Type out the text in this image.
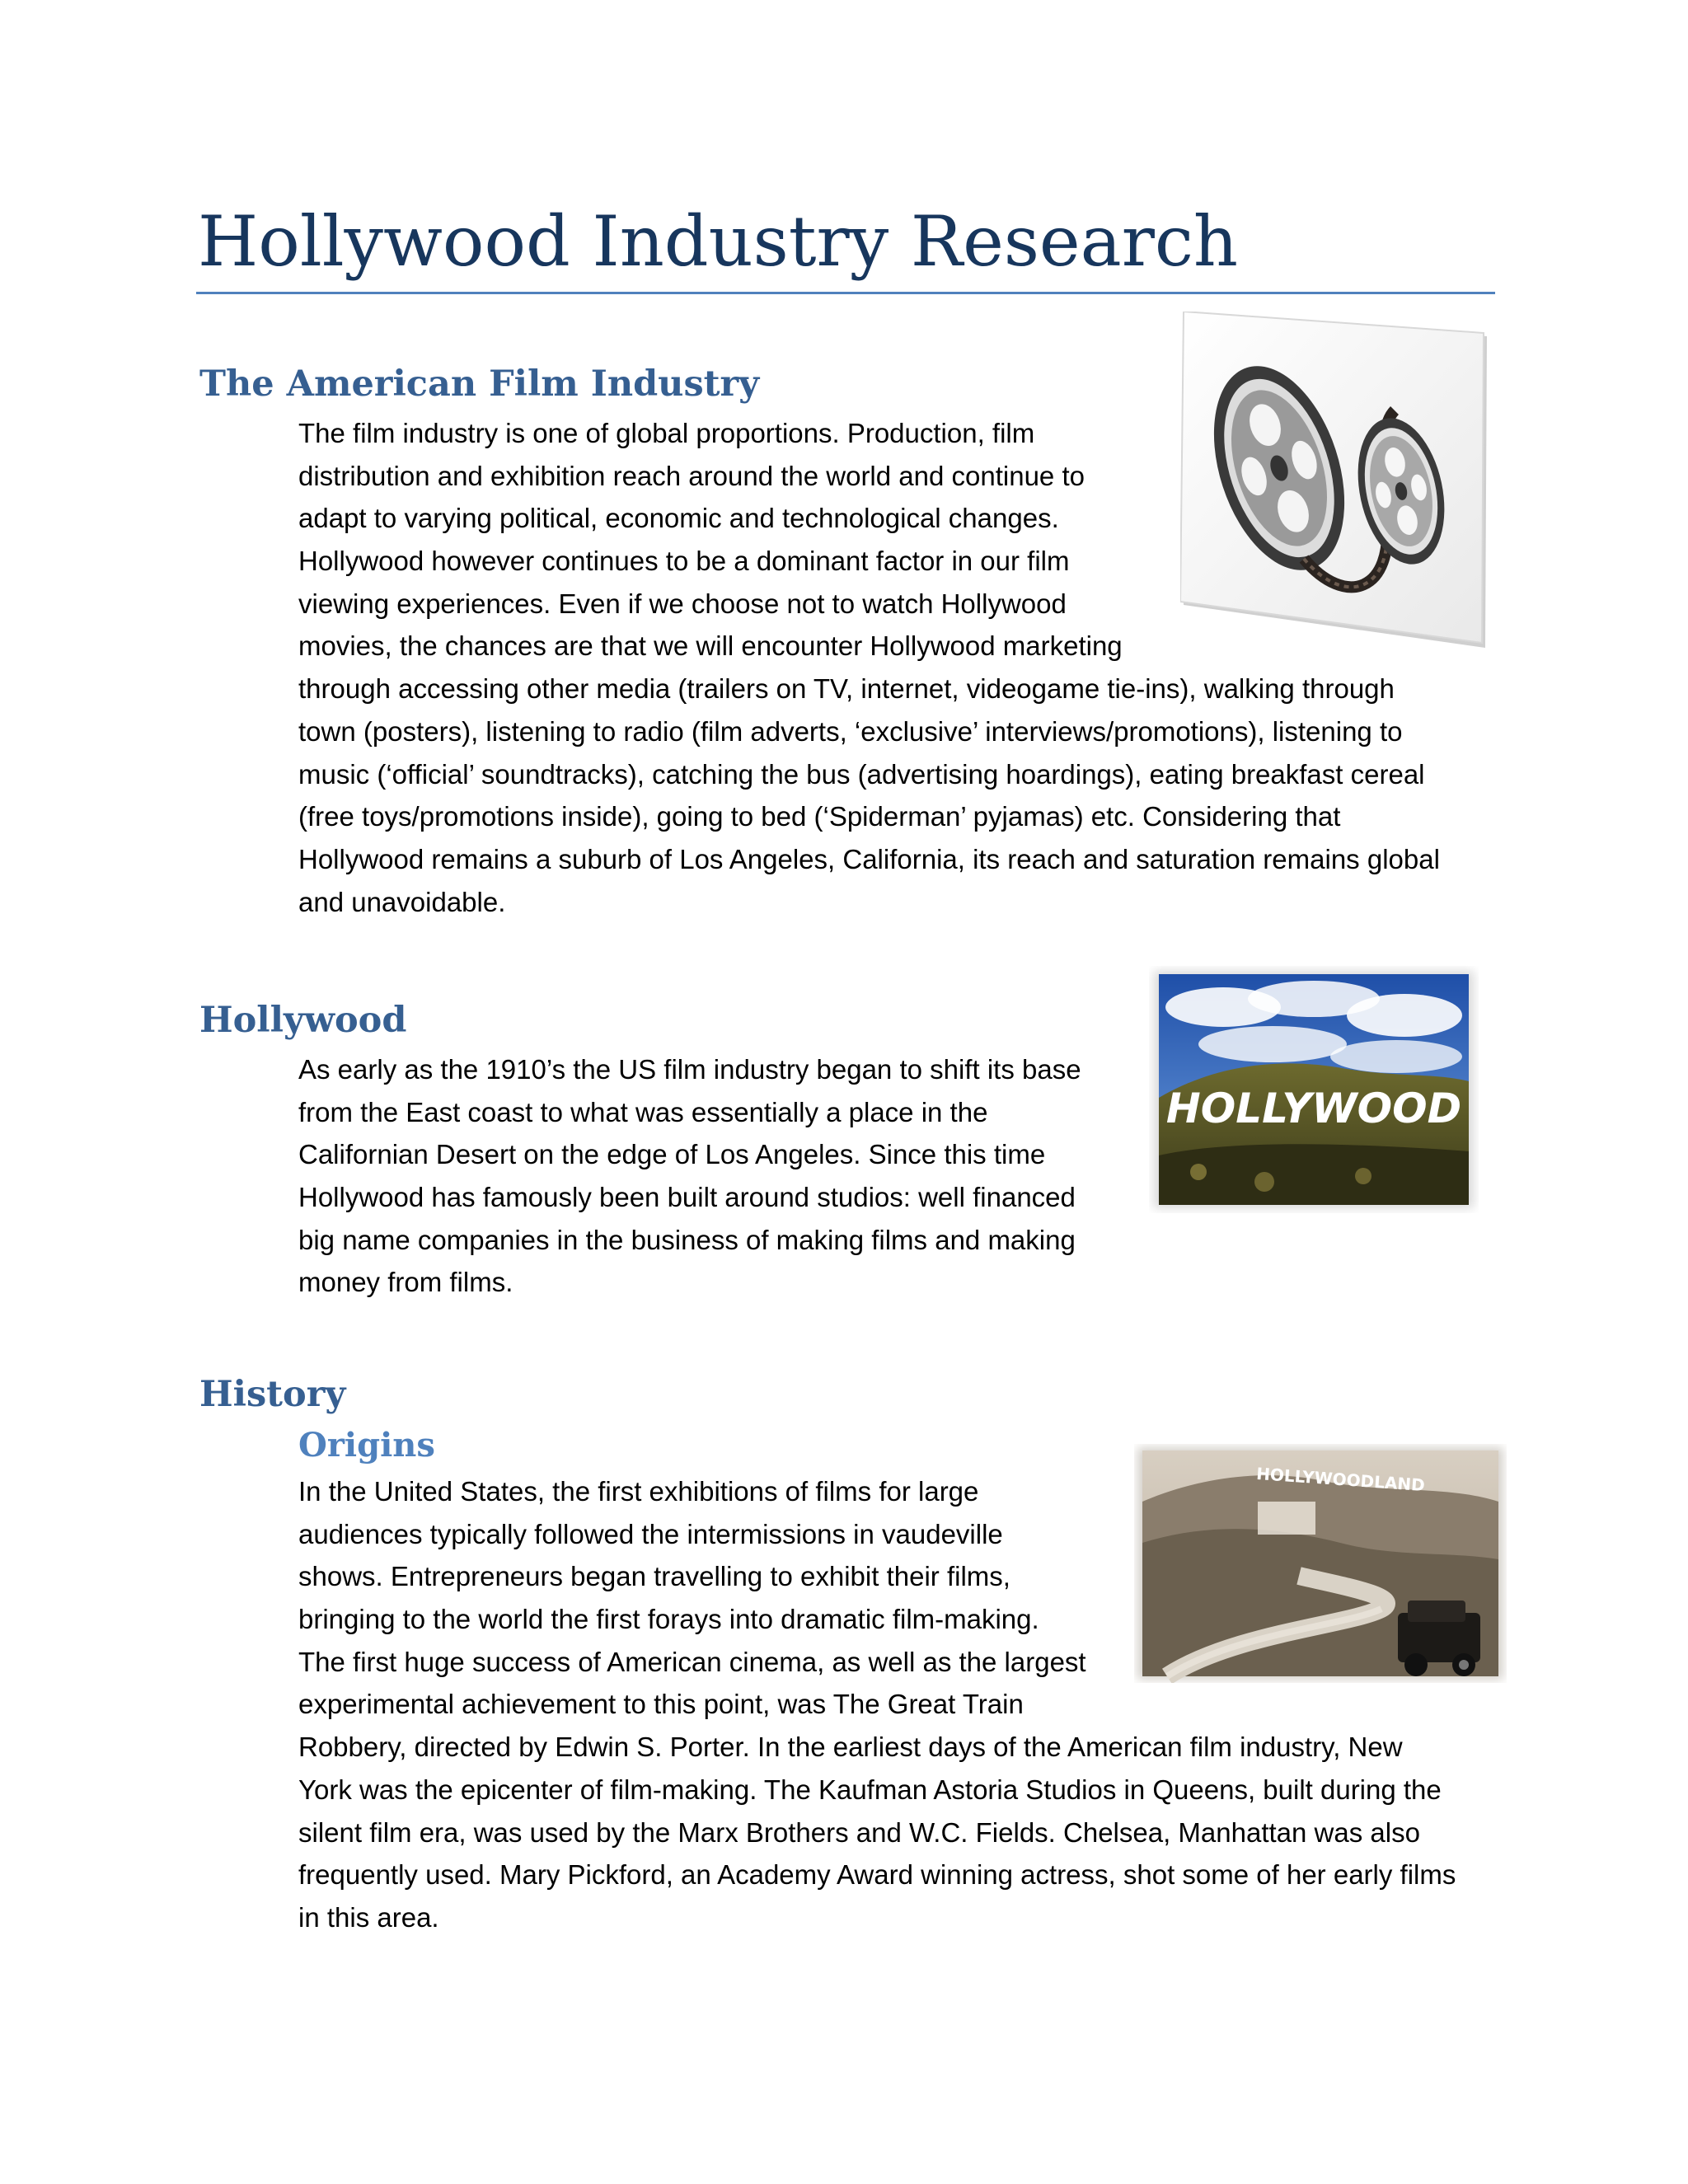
Hollywood Industry Research
The American Film Industry
The film industry is one of global proportions. Production, film
distribution and exhibition reach around the world and continue to
adapt to varying political, economic and technological changes.
Hollywood however continues to be a dominant factor in our film
viewing experiences. Even if we choose not to watch Hollywood
movies, the chances are that we will encounter Hollywood marketing
through accessing other media (trailers on TV, internet, videogame tie-ins), walking through
town (posters), listening to radio (film adverts, ‘exclusive’ interviews/promotions), listening to
music (‘official’ soundtracks), catching the bus (advertising hoardings), eating breakfast cereal
(free toys/promotions inside), going to bed (‘Spiderman’ pyjamas) etc. Considering that
Hollywood remains a suburb of Los Angeles, California, its reach and saturation remains global
and unavoidable.
Hollywood
HOLLYWOOD
As early as the 1910’s the US film industry began to shift its base
from the East coast to what was essentially a place in the
Californian Desert on the edge of Los Angeles. Since this time
Hollywood has famously been built around studios: well financed
big name companies in the business of making films and making
money from films.
History
Origins
HOLLYWOODLAND
In the United States, the first exhibitions of films for large
audiences typically followed the intermissions in vaudeville
shows. Entrepreneurs began travelling to exhibit their films,
bringing to the world the first forays into dramatic film-making.
The first huge success of American cinema, as well as the largest
experimental achievement to this point, was The Great Train
Robbery, directed by Edwin S. Porter. In the earliest days of the American film industry, New
York was the epicenter of film-making. The Kaufman Astoria Studios in Queens, built during the
silent film era, was used by the Marx Brothers and W.C. Fields. Chelsea, Manhattan was also
frequently used. Mary Pickford, an Academy Award winning actress, shot some of her early films
in this area.
